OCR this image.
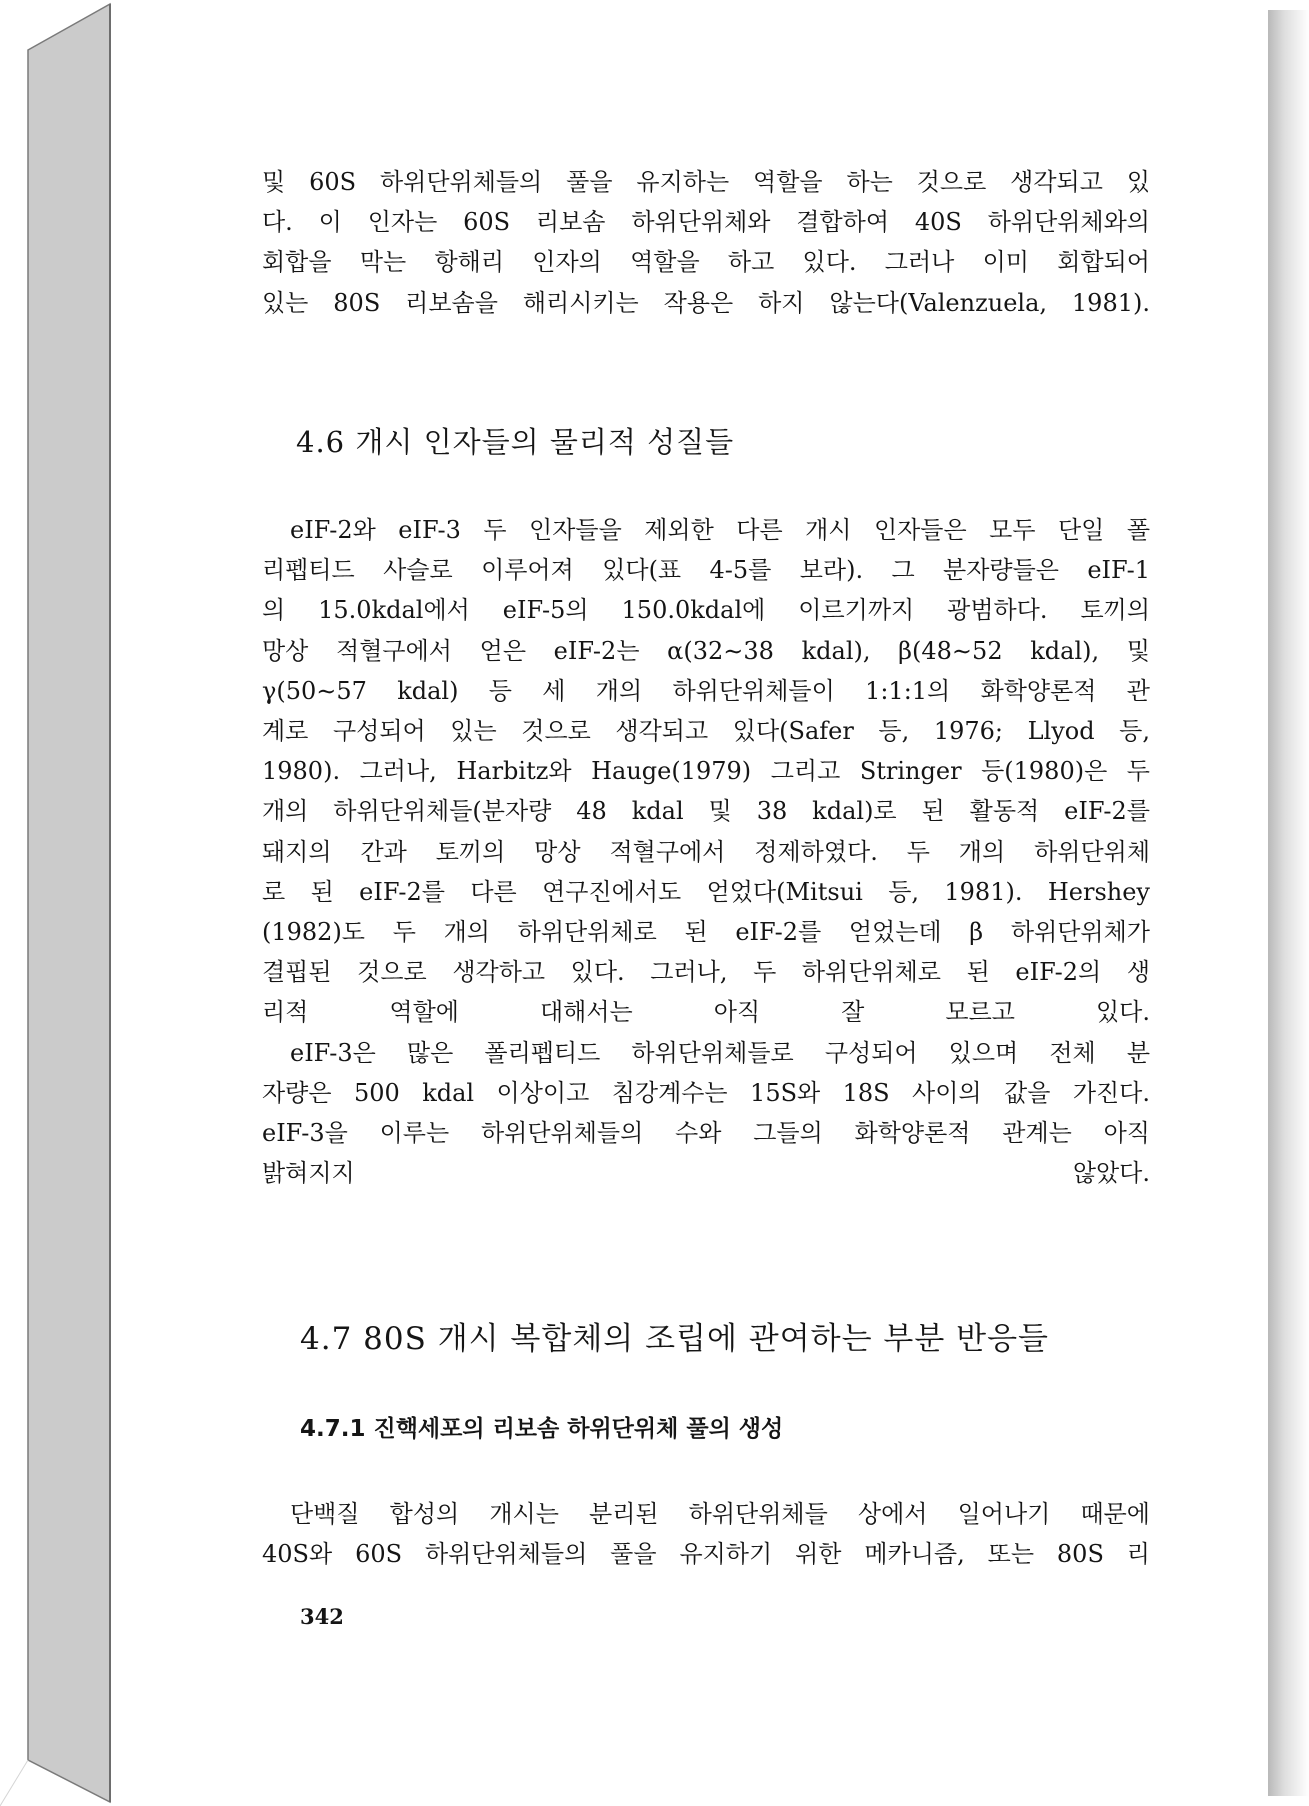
및 60S 하위단위체들의 풀을 유지하는 역할을 하는 것으로 생각되고 있

다. 이 인자는 60S 리보솜 하위단위체와 결합하여 40S 하위단위체와의

회합을 막는 항해리 인자의 역할을 하고 있다. 그러나 이미 회합되어

있는 80S 리보솜을 해리시키는 작용은 하지 않는다(Valenzuela, 1981).

4.6 개시 인자들의 물리적 성질들

eIF-2와 eIF-3 두 인자들을 제외한 다른 개시 인자들은 모두 단일 폴

리펩티드 사슬로 이루어져 있다(표 4-5를 보라). 그 분자량들은 eIF-1

의 15.0kdal에서 eIF-5의 150.0kdal에 이르기까지 광범하다. 토끼의

망상 적혈구에서 얻은 eIF-2는 α(32∼38 kdal), β(48∼52 kdal), 및

γ(50∼57 kdal) 등 세 개의 하위단위체들이 1:1:1의 화학양론적 관

계로 구성되어 있는 것으로 생각되고 있다(Safer 등, 1976; Llyod 등,

1980). 그러나, Harbitz와 Hauge(1979) 그리고 Stringer 등(1980)은 두

개의 하위단위체들(분자량 48 kdal 및 38 kdal)로 된 활동적 eIF-2를

돼지의 간과 토끼의 망상 적혈구에서 정제하였다. 두 개의 하위단위체

로 된 eIF-2를 다른 연구진에서도 얻었다(Mitsui 등, 1981). Hershey

(1982)도 두 개의 하위단위체로 된 eIF-2를 얻었는데 β 하위단위체가

결핍된 것으로 생각하고 있다. 그러나, 두 하위단위체로 된 eIF-2의 생

리적 역할에 대해서는 아직 잘 모르고 있다.

eIF-3은 많은 폴리펩티드 하위단위체들로 구성되어 있으며 전체 분

자량은 500 kdal 이상이고 침강계수는 15S와 18S 사이의 값을 가진다.

eIF-3을 이루는 하위단위체들의 수와 그들의 화학양론적 관계는 아직

밝혀지지 않았다.

4.7 80S 개시 복합체의 조립에 관여하는 부분 반응들
4.7.1 진핵세포의 리보솜 하위단위체 풀의 생성

단백질 합성의 개시는 분리된 하위단위체들 상에서 일어나기 때문에

40S와 60S 하위단위체들의 풀을 유지하기 위한 메카니즘, 또는 80S 리

342
